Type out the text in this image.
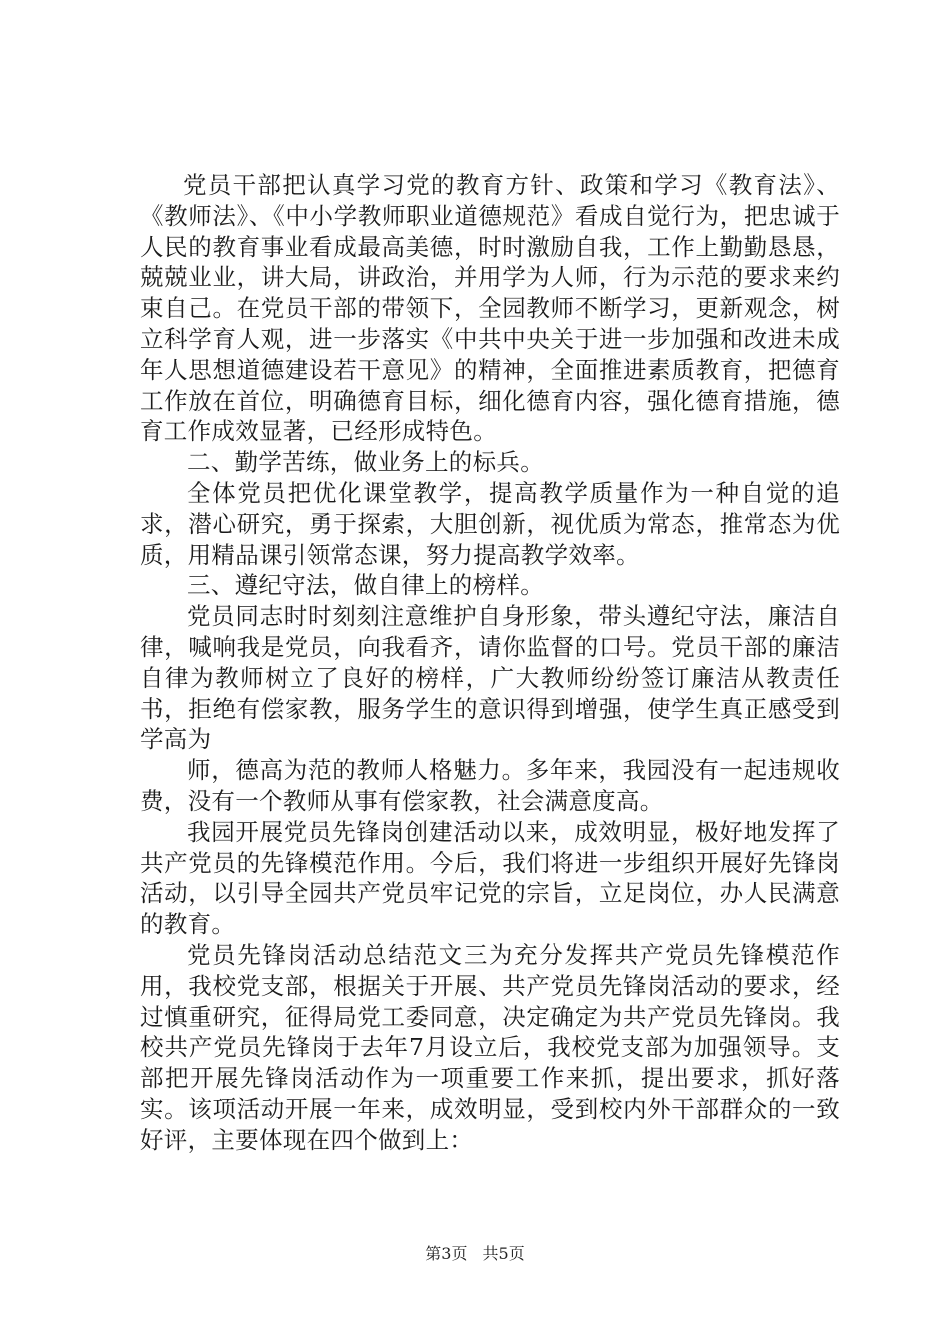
党员干部把认真学习党的教育方针、政策和学习《教育法》、《教师法》、《中小学教师职业道德规范》看成自觉行为，把忠诚于人民的教育事业看成最高美德，时时激励自我，工作上勤勤恳恳，兢兢业业，讲大局，讲政治，并用学为人师，行为示范的要求来约束自己。在党员干部的带领下，全园教师不断学习，更新观念，树立科学育人观，进一步落实《中共中央关于进一步加强和改进未成年人思想道德建设若干意见》的精神，全面推进素质教育，把德育工作放在首位，明确德育目标，细化德育内容，强化德育措施，德育工作成效显著，已经形成特色。

二、勤学苦练，做业务上的标兵。

全体党员把优化课堂教学，提高教学质量作为一种自觉的追求，潜心研究，勇于探索，大胆创新，视优质为常态，推常态为优质，用精品课引领常态课，努力提高教学效率。

三、遵纪守法，做自律上的榜样。

党员同志时时刻刻注意维护自身形象，带头遵纪守法，廉洁自律，喊响我是党员，向我看齐，请你监督的口号。党员干部的廉洁自律为教师树立了良好的榜样，广大教师纷纷签订廉洁从教责任书，拒绝有偿家教，服务学生的意识得到增强，使学生真正感受到学高为

师，德高为范的教师人格魅力。多年来，我园没有一起违规收费，没有一个教师从事有偿家教，社会满意度高。

我园开展党员先锋岗创建活动以来，成效明显，极好地发挥了共产党员的先锋模范作用。今后，我们将进一步组织开展好先锋岗活动，以引导全园共产党员牢记党的宗旨，立足岗位，办人民满意的教育。

党员先锋岗活动总结范文三为充分发挥共产党员先锋模范作用，我校党支部，根据关于开展、共产党员先锋岗活动的要求，经过慎重研究，征得局党工委同意，决定确定为共产党员先锋岗。我校共产党员先锋岗于去年7月设立后，我校党支部为加强领导。支部把开展先锋岗活动作为一项重要工作来抓，提出要求，抓好落实。该项活动开展一年来，成效明显，受到校内外干部群众的一致好评，主要体现在四个做到上：

第3页 共5页
